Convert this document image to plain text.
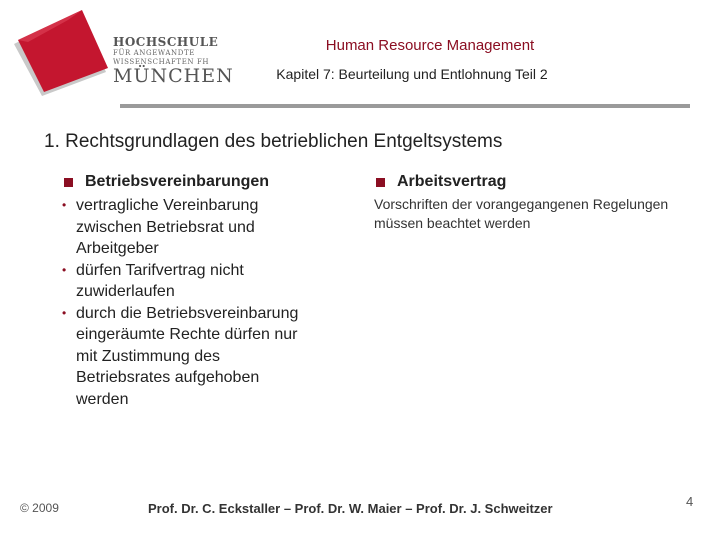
HOCHSCHULE
FÜR ANGEWANDTE
WISSENSCHAFTEN FH
MÜNCHEN
Human Resource Management
Kapitel 7: Beurteilung und Entlohnung Teil 2
1. Rechtsgrundlagen des betrieblichen Entgeltsystems
Betriebsvereinbarungen
• vertragliche Vereinbarung zwischen Betriebsrat und Arbeitgeber
• dürfen Tarifvertrag nicht zuwiderlaufen
• durch die Betriebsvereinbarung eingeräumte Rechte dürfen nur mit Zustimmung des Betriebsrates aufgehoben werden
Arbeitsvertrag

Vorschriften der vorangegangenen Regelungen müssen beachtet werden

© 2009	Prof. Dr. C. Eckstaller – Prof. Dr. W. Maier – Prof. Dr. J. Schweitzer	4
